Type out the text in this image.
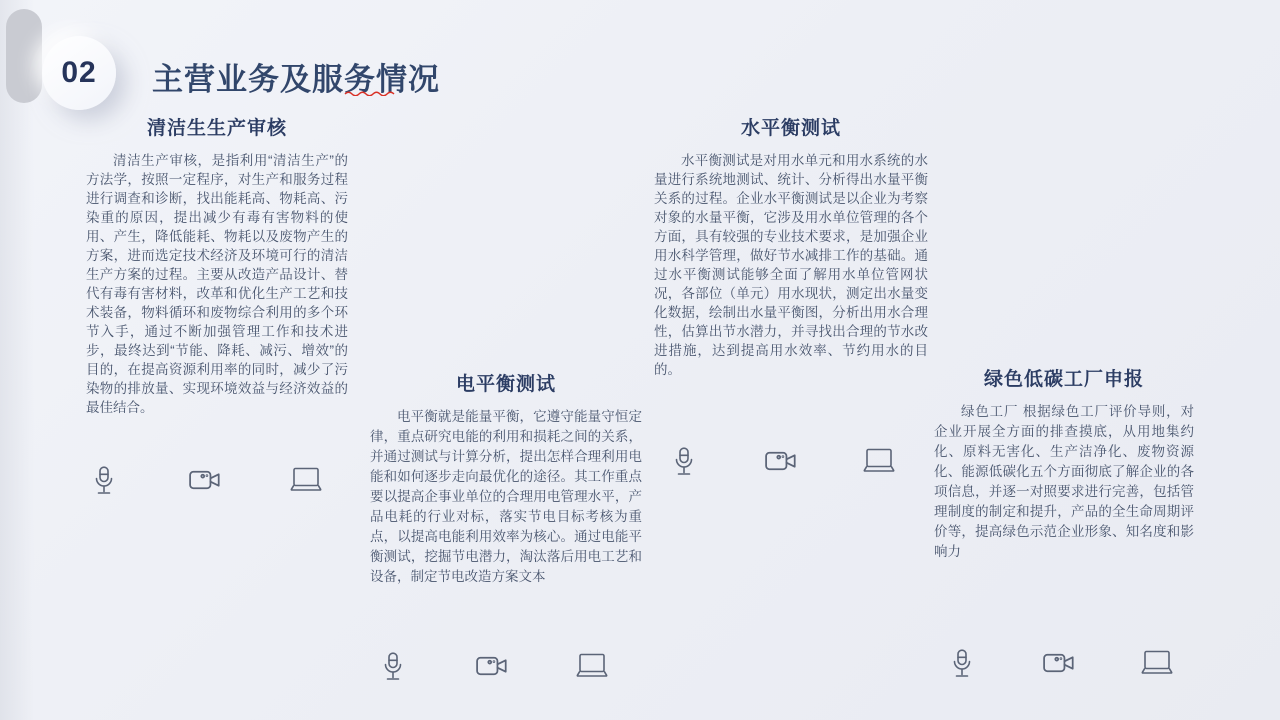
02 主营业务及服务情况
清洁生生产审核

清洁生产审核，是指利用“清洁生产”的方法学，按照一定程序，对生产和服务过程进行调查和诊断，找出能耗高、物耗高、污染重的原因，提出减少有毒有害物料的使用、产生，降低能耗、物耗以及废物产生的方案，进而选定技术经济及环境可行的清洁生产方案的过程。主要从改造产品设计、替代有毒有害材料，改革和优化生产工艺和技术装备，物料循环和废物综合利用的多个环节入手，通过不断加强管理工作和技术进步，最终达到“节能、降耗、减污、增效”的目的，在提高资源利用率的同时，减少了污染物的排放量、实现环境效益与经济效益的最佳结合。

电平衡测试

电平衡就是能量平衡，它遵守能量守恒定律，重点研究电能的利用和损耗之间的关系，并通过测试与计算分析，提出怎样合理利用电能和如何逐步走向最优化的途径。其工作重点要以提高企事业单位的合理用电管理水平，产品电耗的行业对标，落实节电目标考核为重点，以提高电能利用效率为核心。通过电能平衡测试，挖掘节电潜力，淘汰落后用电工艺和设备，制定节电改造方案文本

水平衡测试

水平衡测试是对用水单元和用水系统的水量进行系统地测试、统计、分析得出水量平衡关系的过程。企业水平衡测试是以企业为考察对象的水量平衡，它涉及用水单位管理的各个方面，具有较强的专业技术要求，是加强企业用水科学管理，做好节水减排工作的基础。通过水平衡测试能够全面了解用水单位管网状况，各部位（单元）用水现状，测定出水量变化数据，绘制出水量平衡图，分析出用水合理性，估算出节水潜力，并寻找出合理的节水改进措施，达到提高用水效率、节约用水的目的。	绿色低碳工厂申报

绿色工厂 根据绿色工厂评价导则，对企业开展全方面的排查摸底，从用地集约化、原料无害化、生产洁净化、废物资源化、能源低碳化五个方面彻底了解企业的各项信息，并逐一对照要求进行完善，包括管理制度的制定和提升，产品的全生命周期评价等，提高绿色示范企业形象、知名度和影响力
